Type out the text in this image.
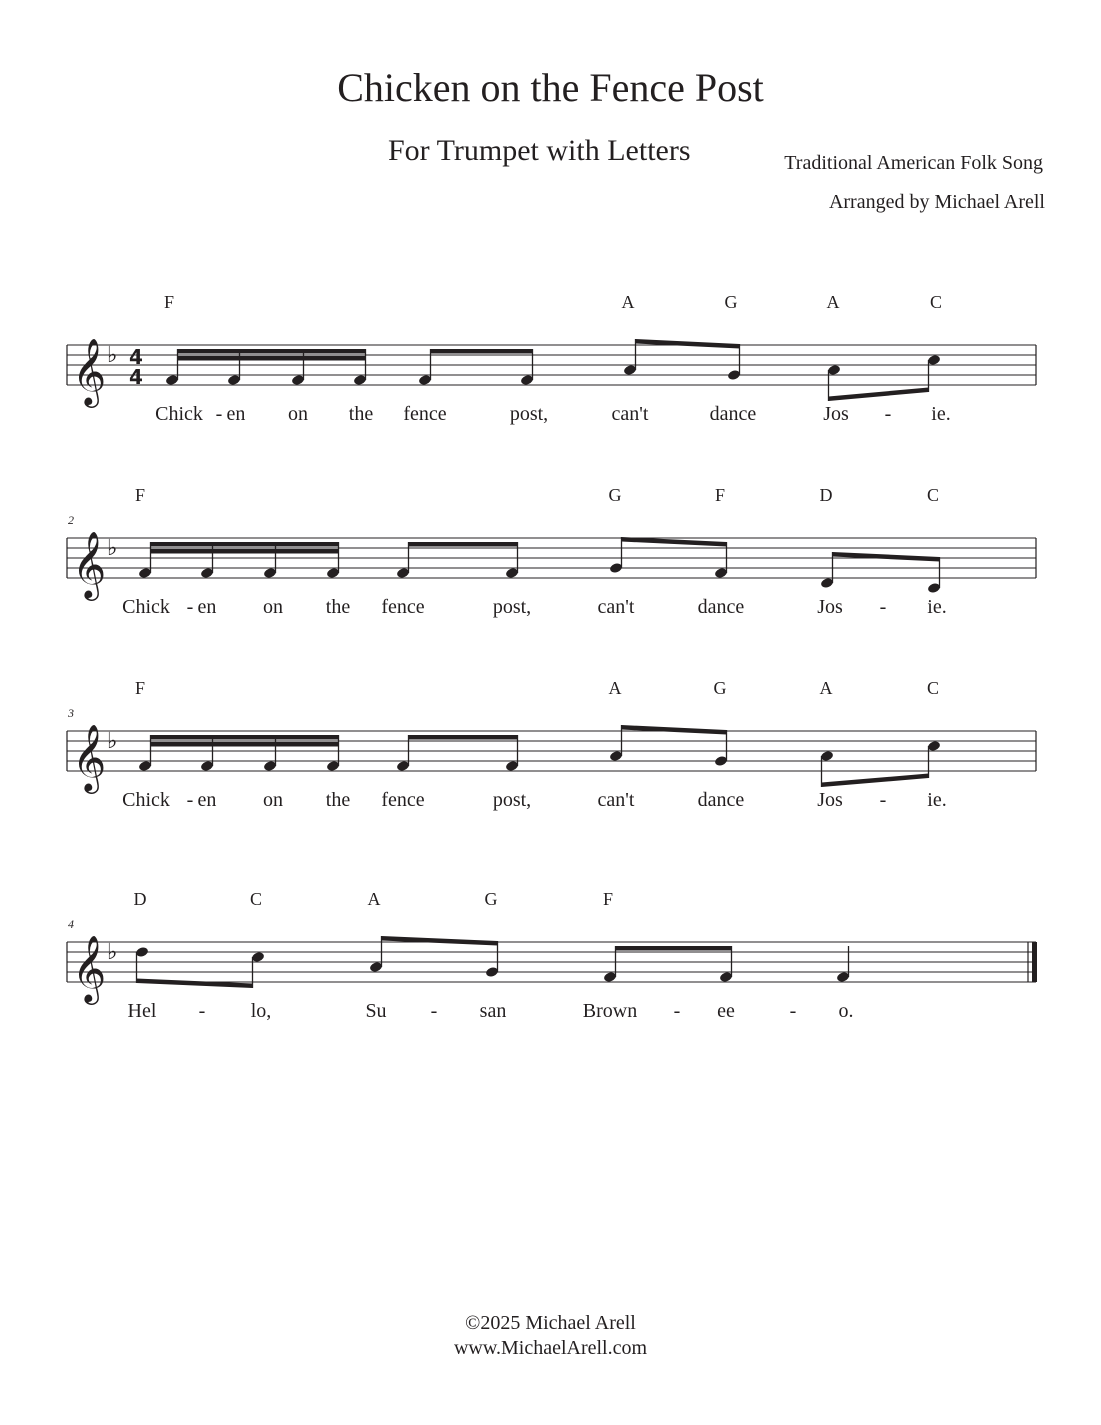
Chicken on the Fence Post
For Trumpet with Letters	Traditional American Folk Song
Arranged by Michael Arell
𝄞 ♭ 4
4
F	A	G	A	C
Chick - en on the fence	post,	can't	dance	Jos - ie.
𝄞 ♭
2
F	G	F	D	C
Chick - en on the fence	post,	can't	dance	Jos - ie.
𝄞 ♭
3
F	A	G	A	C
Chick - en on the fence	post,	can't	dance	Jos - ie.
𝄞 ♭
4
D	C	A	G	F
Hel - lo,	Su - san	Brown - ee	- o.
©2025 Michael Arell
www.MichaelArell.com
